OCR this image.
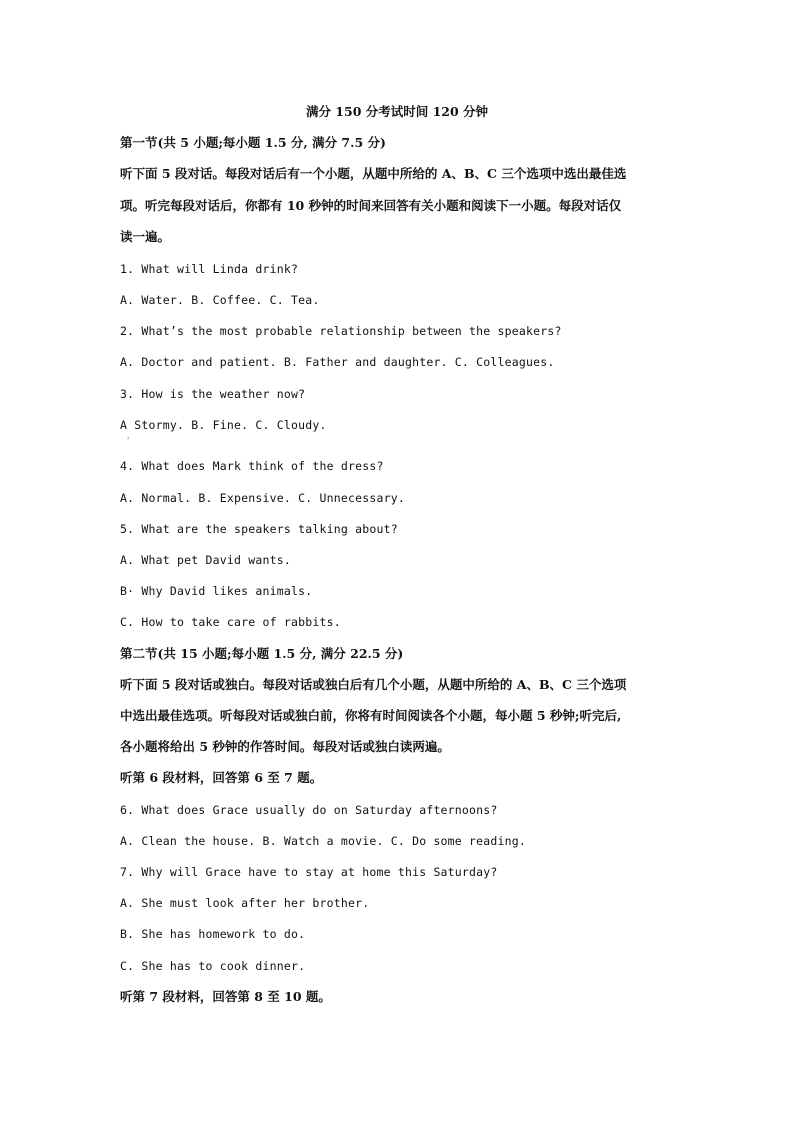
满分 150 分考试时间 120 分钟
第一节(共 5 小题;每小题 1.5 分, 满分 7.5 分)
听下面 5 段对话。每段对话后有一个小题，从题中所给的 A、B、C 三个选项中选出最佳选
项。听完每段对话后，你都有 10 秒钟的时间来回答有关小题和阅读下一小题。每段对话仅
读一遍。
1. What will Linda drink?
A. Water. B. Coffee. C. Tea.
2. What’s the most probable relationship between the speakers?
A. Doctor and patient. B. Father and daughter. C. Colleagues.
3. How is the weather now?
A Stormy. B. Fine. C. Cloudy.
'
4. What does Mark think of the dress?
A. Normal. B. Expensive. C. Unnecessary.
5. What are the speakers talking about?
A. What pet David wants.
B· Why David likes animals.
C. How to take care of rabbits.
第二节(共 15 小题;每小题 1.5 分, 满分 22.5 分)
听下面 5 段对话或独白。每段对话或独白后有几个小题，从题中所给的 A、B、C 三个选项
中选出最佳选项。听每段对话或独白前，你将有时间阅读各个小题，每小题 5 秒钟;听完后,
各小题将给出 5 秒钟的作答时间。每段对话或独白读两遍。
听第 6 段材料，回答第 6 至 7 题。
6. What does Grace usually do on Saturday afternoons?
A. Clean the house. B. Watch a movie. C. Do some reading.
7. Why will Grace have to stay at home this Saturday?
A. She must look after her brother.
B. She has homework to do.
C. She has to cook dinner.
听第 7 段材料，回答第 8 至 10 题。
